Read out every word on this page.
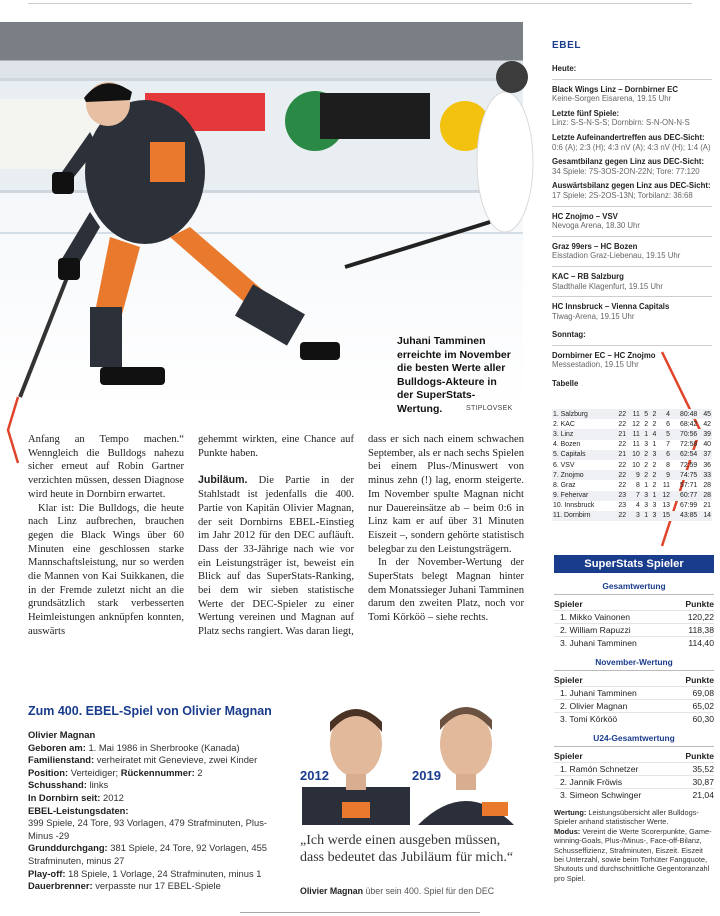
Juhani Tamminen erreichte im November die besten Werte aller Bulldogs-Akteure in der SuperStats-Wertung.	STIPLOVSEK

Anfang an Tempo machen.“ Wenngleich die Bulldogs nahezu sicher erneut auf Robin Gartner verzichten müssen, dessen Diagnose wird heute in Dornbirn erwartet.

Klar ist: Die Bulldogs, die heute nach Linz aufbrechen, brauchen gegen die Black Wings über 60 Minuten eine geschlossen starke Mannschaftsleistung, nur so werden die Mannen von Kai Suikkanen, die in der Fremde zuletzt nicht an die grundsätzlich stark verbesserten Heimleistungen anknüpfen konnten, auswärts

gehemmt wirkten, eine Chance auf Punkte haben.

Jubiläum. Die Partie in der Stahlstadt ist jedenfalls die 400. Partie von Kapitän Olivier Magnan, der seit Dornbirns EBEL-Einstieg im Jahr 2012 für den DEC aufläuft. Dass der 33-Jährige nach wie vor ein Leistungsträger ist, beweist ein Blick auf das SuperStats-Ranking, bei dem wir sieben statistische Werte der DEC-Spieler zu einer Wertung vereinen und Magnan auf Platz sechs rangiert. Was daran liegt,

dass er sich nach einem schwachen September, als er nach sechs Spielen bei einem Plus-/Minuswert von minus zehn (!) lag, enorm steigerte. Im November spulte Magnan nicht nur Dauereinsätze ab – beim 0:6 in Linz kam er auf über 31 Minuten Eiszeit –, sondern gehörte statistisch belegbar zu den Leistungsträgern.

In der November-Wertung der SuperStats belegt Magnan hinter dem Monatssieger Juhani Tamminen darum den zweiten Platz, noch vor Tomi Körköö – siehe rechts.

Zum 400. EBEL-Spiel von Olivier Magnan
Olivier Magnan
Geboren am: 1. Mai 1986 in Sherbrooke (Kanada)
Familienstand: verheiratet mit Genevieve, zwei Kinder
Position: Verteidiger; Rückennummer: 2
Schusshand: links
In Dornbirn seit: 2012
EBEL-Leistungsdaten:
399 Spiele, 24 Tore, 93 Vorlagen, 479 Strafminuten, Plus-Minus -29
Grunddurchgang: 381 Spiele, 24 Tore, 92 Vorlagen, 455 Strafminuten, minus 27
Play-off: 18 Spiele, 1 Vorlage, 24 Strafminuten, minus 1
Dauerbrenner: verpasste nur 17 EBEL-Spiele
2012	2019
„Ich werde einen ausgeben müssen, dass bedeutet das Jubiläum für mich.“
Olivier Magnan über sein 400. Spiel für den DEC
EBEL
Heute:
Black Wings Linz – Dornbirner EC
Keine-Sorgen Eisarena, 19.15 Uhr
Letzte fünf Spiele:
Linz: S-S-N-S-S; Dornbirn: S-N-ON-N-S
Letzte Aufeinandertreffen aus DEC-Sicht:
0:6 (A); 2:3 (H); 4:3 nV (A); 4:3 nV (H); 1:4 (A)
Gesamtbilanz gegen Linz aus DEC-Sicht:
34 Spiele: 7S-3OS-2ON-22N; Tore: 77:120
Auswärtsbilanz gegen Linz aus DEC-Sicht:
17 Spiele: 2S-2OS-13N; Torbilanz: 36:68
HC Znojmo – VSV
Nevoga Arena, 18.30 Uhr
Graz 99ers – HC Bozen
Eisstadion Graz-Liebenau, 19.15 Uhr
KAC – RB Salzburg
Stadthalle Klagenfurt, 19.15 Uhr
HC Innsbruck – Vienna Capitals
Tiwag-Arena, 19.15 Uhr
Sonntag:
Dornbirner EC – HC Znojmo
Messestadion, 19.15 Uhr
Tabelle
1. Salzburg	22	11	5	2	4	80:48	45
2. KAC	22	12	2	2	6	68:42	42
3. Linz	21	11	1	4	5	70:56	39
4. Bozen	22	11	3	1	7	72:58	40
5. Capitals	21	10	2	3	6	62:54	37
6. VSV	22	10	2	2	8	72:59	36
7. Znojmo	22	9	2	2	9	74:75	33
8. Graz	22	8	1	2	11	57:71	28
9. Fehervar	23	7	3	1	12	60:77	28
10. Innsbruck	23	4	3	3	13	67:99	21
11. Dornbirn	22	3	1	3	15	43:85	14
SuperStats Spieler
Gesamtwertung
Spieler	Punkte
1. Mikko Vainonen	120,22
2. William Rapuzzi	118,38
3. Juhani Tamminen	114,40
November-Wertung
Spieler	Punkte
1. Juhani Tamminen	69,08
2. Olivier Magnan	65,02
3. Tomi Körköö	60,30
U24-Gesamtwertung
Spieler	Punkte
1. Ramón Schnetzer	35,52
2. Jannik Fröwis	30,87
3. Simeon Schwinger	21,04
Wertung: Leistungsübersicht aller Bulldogs-Spieler anhand statistischer Werte.
Modus: Vereint die Werte Scorerpunkte, Game-winning-Goals, Plus-/Minus-, Face-off-Bilanz, Schusseffizienz, Strafminuten, Eiszeit. Eiszeit bei Unterzahl, sowie beim Torhüter Fangquote, Shutouts und durchschnittliche Gegentoranzahl pro Spiel.
